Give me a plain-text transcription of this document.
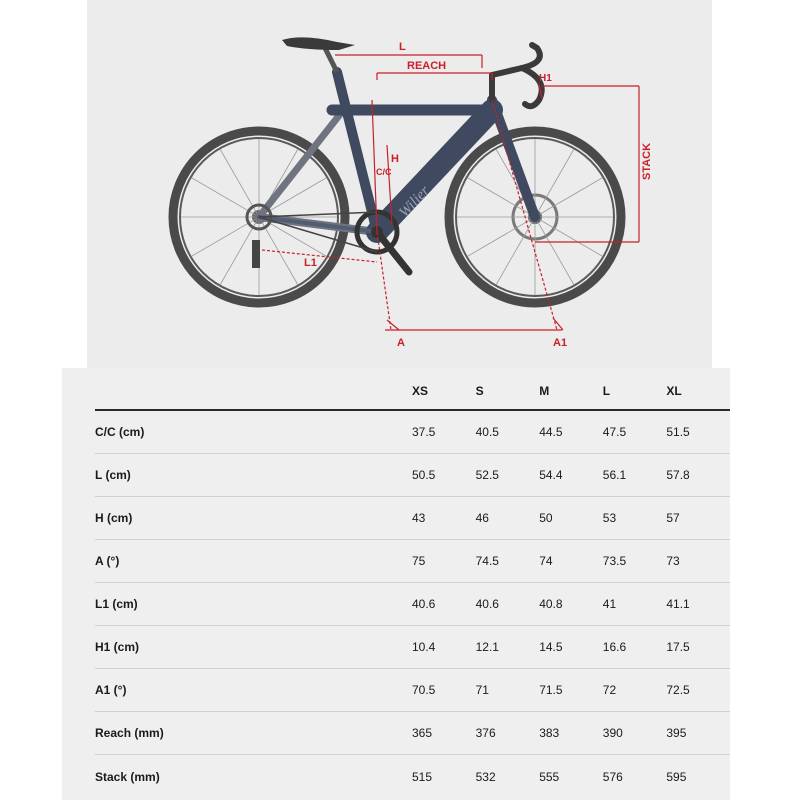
Wilier
L
REACH
H1
H
C/C	STACK
L1
A	A1
	XS	S	M	L	XL
C/C (cm)	37.5	40.5	44.5	47.5	51.5
L (cm)	50.5	52.5	54.4	56.1	57.8
H (cm)	43	46	50	53	57
A (°)	75	74.5	74	73.5	73
L1 (cm)	40.6	40.6	40.8	41	41.1
H1 (cm)	10.4	12.1	14.5	16.6	17.5
A1 (°)	70.5	71	71.5	72	72.5
Reach (mm)	365	376	383	390	395
Stack (mm)	515	532	555	576	595
